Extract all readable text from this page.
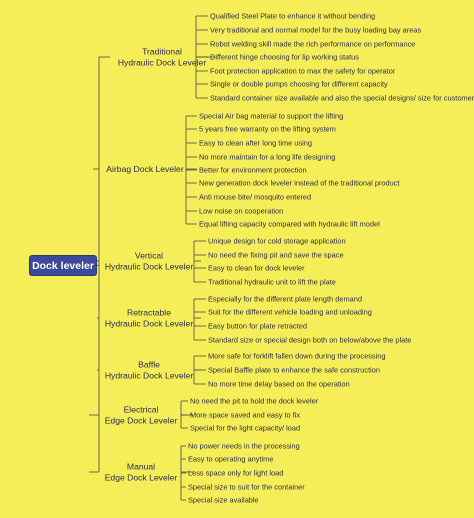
Dock leveler
Traditional
Hydraulic Dock Leveler
Qualified Steel Plate to enhance it without bending
Very traditional and normal model for the busy loading bay areas
Robot welding skill made the rich performance on performance
Different hinge choosing for lip working status
Foot protection application to max the safety for operator
Single or double pumps choosing for different capacity
Standard container size available and also the special designs/ size for customer
Airbag Dock Leveler
Special Air bag material to support the lifting
5 years free warranty on the lifting system
Easy to clean after long time using
No more maintain for a long life designing
Better for environment protection
New generation dock leveler instead of the traditional product
Anti mouse bite/ mosquito entered
Low noise on cooperation
Equal lifting capacity compared with hydraulic lift model
Vertical
Hydraulic Dock Leveler
Unique design for cold storage application
No need the fixing pit and save the space
Easy to clean for dock leveler
Traditional hydraulic unit to lift the plate
Retractable
Hydraulic Dock Leveler
Especially for the different plate length demand
Suit for the different vehicle loading and unloading
Easy button for plate retracted
Standard size or special design both on below/above the plate
Baffle
Hydraulic Dock Leveler
More safe for forklift fallen down during the processing
Special Baffle plate to enhance the safe construction
No more time delay based on the operation
Electrical
Edge Dock Leveler
No need the pit to hold the dock leveler
More space saved and easy to fix
Special for the light capacity/ load
Manual
Edge Dock Leveler
No power needs in the processing
Easy to operating anytime
Less space only for light load
Special size to suit for the container
Special size available
